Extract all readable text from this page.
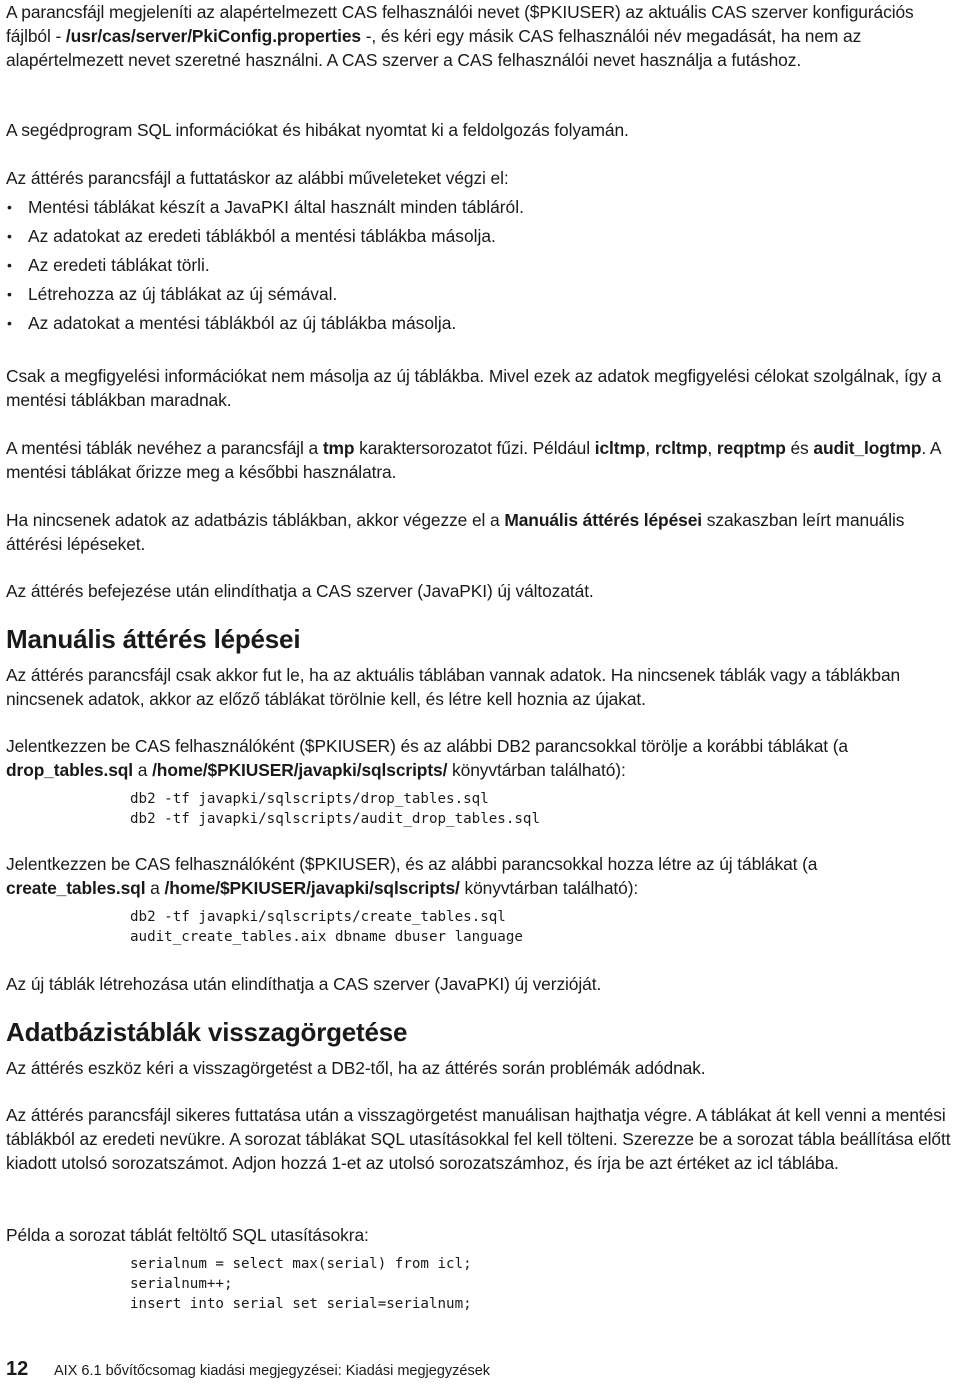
A parancsfájl megjeleníti az alapértelmezett CAS felhasználói nevet ($PKIUSER) az aktuális CAS szerver konfigurációs fájlból - /usr/cas/server/PkiConfig.properties -, és kéri egy másik CAS felhasználói név megadását, ha nem az alapértelmezett nevet szeretné használni. A CAS szerver a CAS felhasználói nevet használja a futáshoz.

A segédprogram SQL információkat és hibákat nyomtat ki a feldolgozás folyamán.

Az áttérés parancsfájl a futtatáskor az alábbi műveleteket végzi el:

• Mentési táblákat készít a JavaPKI által használt minden tábláról.
• Az adatokat az eredeti táblákból a mentési táblákba másolja.
• Az eredeti táblákat törli.
• Létrehozza az új táblákat az új sémával.
• Az adatokat a mentési táblákból az új táblákba másolja.

Csak a megfigyelési információkat nem másolja az új táblákba. Mivel ezek az adatok megfigyelési célokat szolgálnak, így a mentési táblákban maradnak.

A mentési táblák nevéhez a parancsfájl a tmp karaktersorozatot fűzi. Például icltmp, rcltmp, reqptmp és audit_logtmp. A mentési táblákat őrizze meg a későbbi használatra.

Ha nincsenek adatok az adatbázis táblákban, akkor végezze el a Manuális áttérés lépései szakaszban leírt manuális áttérési lépéseket.

Az áttérés befejezése után elindíthatja a CAS szerver (JavaPKI) új változatát.

Manuális áttérés lépései

Az áttérés parancsfájl csak akkor fut le, ha az aktuális táblában vannak adatok. Ha nincsenek táblák vagy a táblákban nincsenek adatok, akkor az előző táblákat törölnie kell, és létre kell hoznia az újakat.

Jelentkezzen be CAS felhasználóként ($PKIUSER) és az alábbi DB2 parancsokkal törölje a korábbi táblákat (a drop_tables.sql a /home/$PKIUSER/javapki/sqlscripts/ könyvtárban található):

db2 -tf javapki/sqlscripts/drop_tables.sql
db2 -tf javapki/sqlscripts/audit_drop_tables.sql

Jelentkezzen be CAS felhasználóként ($PKIUSER), és az alábbi parancsokkal hozza létre az új táblákat (a create_tables.sql a /home/$PKIUSER/javapki/sqlscripts/ könyvtárban található):

db2 -tf javapki/sqlscripts/create_tables.sql
audit_create_tables.aix dbname dbuser language

Az új táblák létrehozása után elindíthatja a CAS szerver (JavaPKI) új verzióját.

Adatbázistáblák visszagörgetése

Az áttérés eszköz kéri a visszagörgetést a DB2-től, ha az áttérés során problémák adódnak.

Az áttérés parancsfájl sikeres futtatása után a visszagörgetést manuálisan hajthatja végre. A táblákat át kell venni a mentési táblákból az eredeti nevükre. A sorozat táblákat SQL utasításokkal fel kell tölteni. Szerezze be a sorozat tábla beállítása előtt kiadott utolsó sorozatszámot. Adjon hozzá 1-et az utolsó sorozatszámhoz, és írja be azt értéket az icl táblába.

Példa a sorozat táblát feltöltő SQL utasításokra:

serialnum = select max(serial) from icl;
serialnum++;
insert into serial set serial=serialnum;
12	AIX 6.1 bővítőcsomag kiadási megjegyzései: Kiadási megjegyzések
